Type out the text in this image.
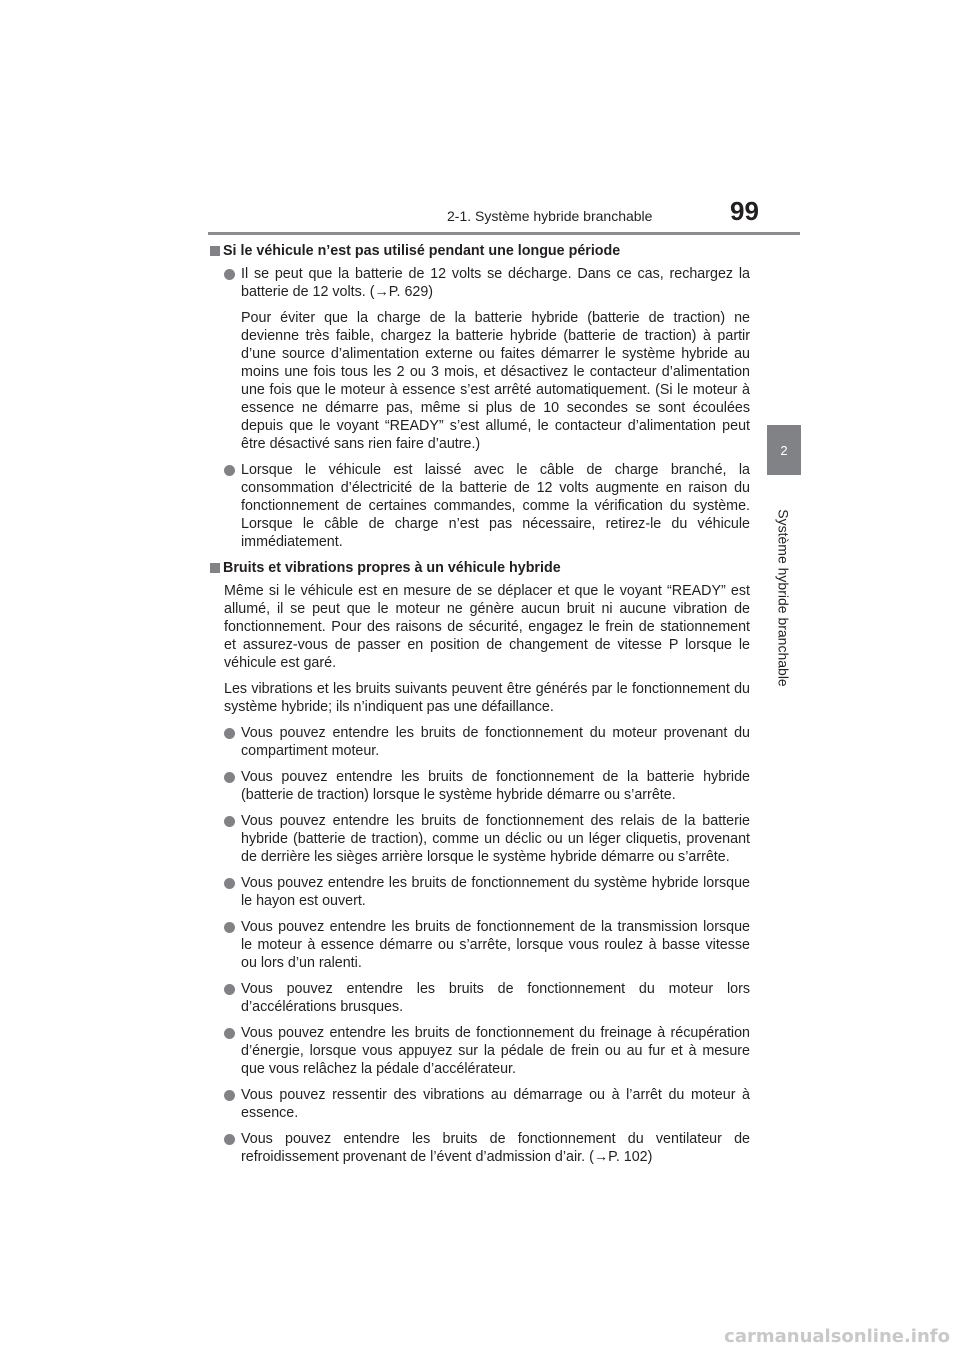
2-1. Système hybride branchable	99
2
Système hybride branchable
Si le véhicule n’est pas utilisé pendant une longue période
Il se peut que la batterie de 12 volts se décharge. Dans ce cas, rechargez la batterie de 12 volts. (→P. 629)
Pour éviter que la charge de la batterie hybride (batterie de traction) ne devienne très faible, chargez la batterie hybride (batterie de traction) à partir d’une source d’alimentation externe ou faites démarrer le système hybride au moins une fois tous les 2 ou 3 mois, et désactivez le contacteur d’alimentation une fois que le moteur à essence s’est arrêté automatiquement. (Si le moteur à essence ne démarre pas, même si plus de 10 secondes se sont écoulées depuis que le voyant “READY” s’est allumé, le contacteur d’alimentation peut être désactivé sans rien faire d’autre.)
Lorsque le véhicule est laissé avec le câble de charge branché, la consommation d’électricité de la batterie de 12 volts augmente en raison du fonctionnement de certaines commandes, comme la vérification du système. Lorsque le câble de charge n’est pas nécessaire, retirez-le du véhicule immédiatement.
Bruits et vibrations propres à un véhicule hybride
Même si le véhicule est en mesure de se déplacer et que le voyant “READY” est allumé, il se peut que le moteur ne génère aucun bruit ni aucune vibration de fonctionnement. Pour des raisons de sécurité, engagez le frein de stationnement et assurez-vous de passer en position de changement de vitesse P lorsque le véhicule est garé.
Les vibrations et les bruits suivants peuvent être générés par le fonctionnement du système hybride; ils n’indiquent pas une défaillance.
Vous pouvez entendre les bruits de fonctionnement du moteur provenant du compartiment moteur.
Vous pouvez entendre les bruits de fonctionnement de la batterie hybride (batterie de traction) lorsque le système hybride démarre ou s’arrête.
Vous pouvez entendre les bruits de fonctionnement des relais de la batterie hybride (batterie de traction), comme un déclic ou un léger cliquetis, provenant de derrière les sièges arrière lorsque le système hybride démarre ou s’arrête.
Vous pouvez entendre les bruits de fonctionnement du système hybride lorsque le hayon est ouvert.
Vous pouvez entendre les bruits de fonctionnement de la transmission lorsque le moteur à essence démarre ou s’arrête, lorsque vous roulez à basse vitesse ou lors d’un ralenti.
Vous pouvez entendre les bruits de fonctionnement du moteur lors d’accélérations brusques.
Vous pouvez entendre les bruits de fonctionnement du freinage à récupération d’énergie, lorsque vous appuyez sur la pédale de frein ou au fur et à mesure que vous relâchez la pédale d’accélérateur.
Vous pouvez ressentir des vibrations au démarrage ou à l’arrêt du moteur à essence.
Vous pouvez entendre les bruits de fonctionnement du ventilateur de refroidissement provenant de l’évent d’admission d’air. (→P. 102)
carmanualsonline.info
